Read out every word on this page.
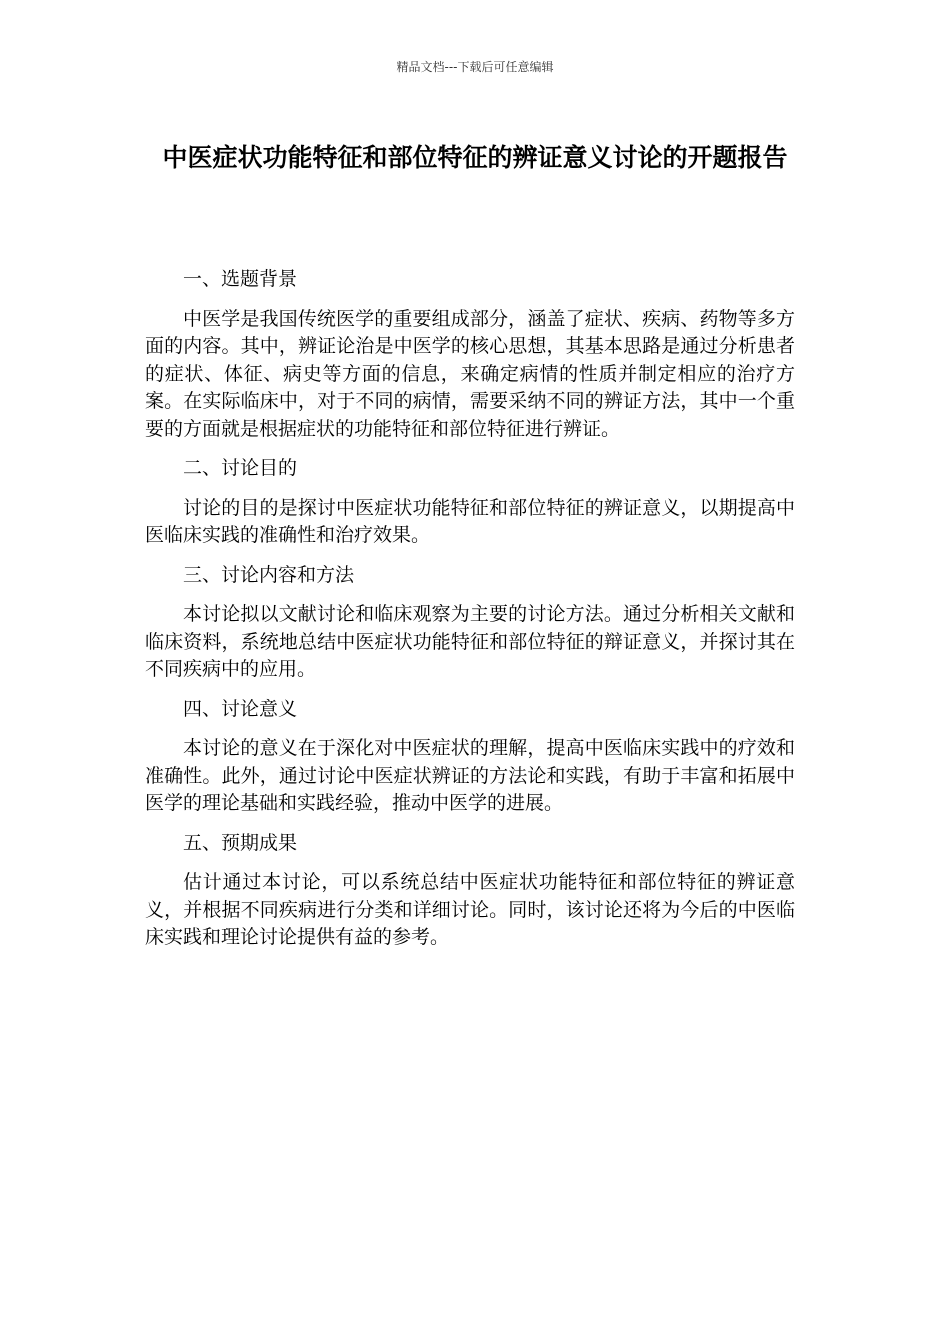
精品文档---下载后可任意编辑
中医症状功能特征和部位特征的辨证意义讨论的开题报告
一、选题背景
中医学是我国传统医学的重要组成部分，涵盖了症状、疾病、药物等多方面的内容。其中，辨证论治是中医学的核心思想，其基本思路是通过分析患者的症状、体征、病史等方面的信息，来确定病情的性质并制定相应的治疗方案。在实际临床中，对于不同的病情，需要采纳不同的辨证方法，其中一个重要的方面就是根据症状的功能特征和部位特征进行辨证。
二、讨论目的
讨论的目的是探讨中医症状功能特征和部位特征的辨证意义，以期提高中医临床实践的准确性和治疗效果。
三、讨论内容和方法
本讨论拟以文献讨论和临床观察为主要的讨论方法。通过分析相关文献和临床资料，系统地总结中医症状功能特征和部位特征的辩证意义，并探讨其在不同疾病中的应用。
四、讨论意义
本讨论的意义在于深化对中医症状的理解，提高中医临床实践中的疗效和准确性。此外，通过讨论中医症状辨证的方法论和实践，有助于丰富和拓展中医学的理论基础和实践经验，推动中医学的进展。
五、预期成果
估计通过本讨论，可以系统总结中医症状功能特征和部位特征的辨证意义，并根据不同疾病进行分类和详细讨论。同时，该讨论还将为今后的中医临床实践和理论讨论提供有益的参考。
